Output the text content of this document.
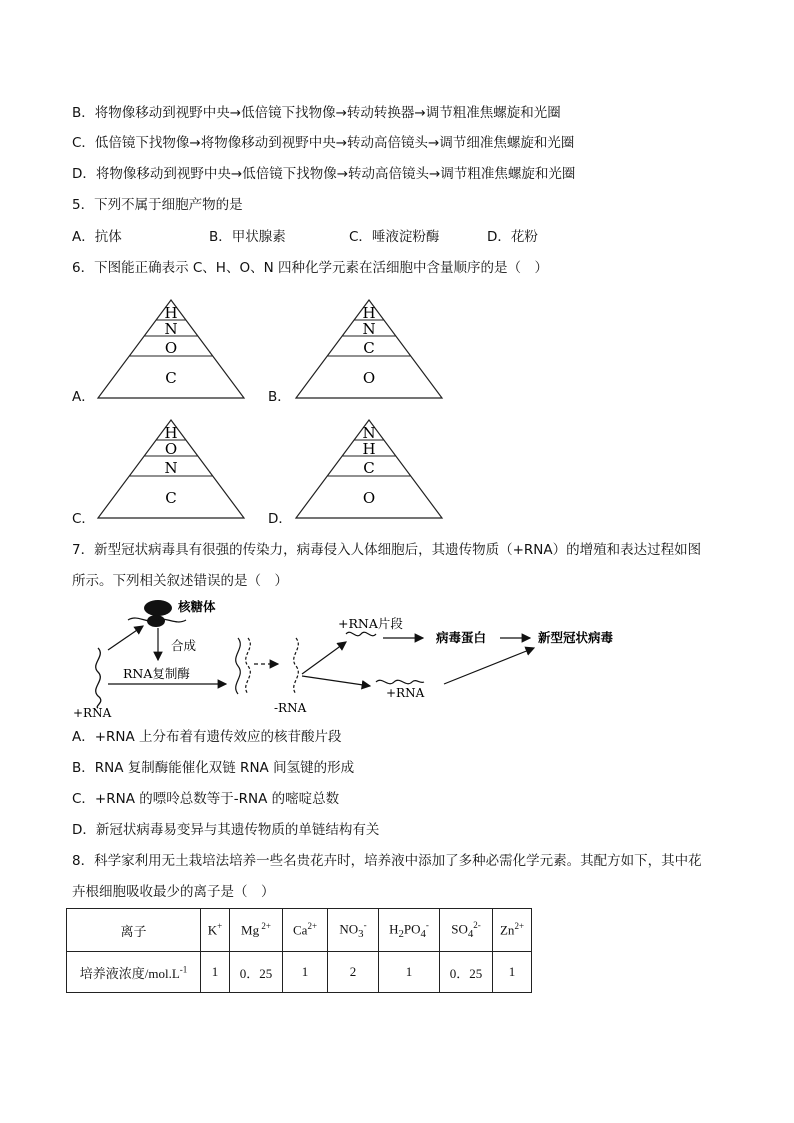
B．将物像移动到视野中央→低倍镜下找物像→转动转换器→调节粗准焦螺旋和光圈
C．低倍镜下找物像→将物像移动到视野中央→转动高倍镜头→调节细准焦螺旋和光圈
D．将物像移动到视野中央→低倍镜下找物像→转动高倍镜头→调节粗准焦螺旋和光圈
5．下列不属于细胞产物的是
A．抗体	B．甲状腺素	C．唾液淀粉酶	D．花粉
6．下图能正确表示 C、H、O、N 四种化学元素在活细胞中含量顺序的是（　）
A．
H
N
O
C
B．
H
N
C
O
C．
H
O
N
C
D．
N
H
C
O
7．新型冠状病毒具有很强的传染力，病毒侵入人体细胞后，其遗传物质（+RNA）的增殖和表达过程如图
所示。下列相关叙述错误的是（　）
+RNA
核糖体
合成
RNA复制酶
-RNA
+RNA片段
病毒蛋白	新型冠状病毒
+RNA
A．+RNA 上分布着有遗传效应的核苷酸片段
B．RNA 复制酶能催化双链 RNA 间氢键的形成
C．+RNA 的嘌呤总数等于-RNA 的嘧啶总数
D．新冠状病毒易变异与其遗传物质的单链结构有关
8．科学家利用无土栽培法培养一些名贵花卉时，培养液中添加了多种必需化学元素。其配方如下，其中花
卉根细胞吸收最少的离子是（　）
离子	K+	Mg $^{2+}$	$Ca^{2+}$	$NO_3^-$	$H_2PO_4^-$	$SO_4^{2-}$	$Zn^{2+}$
培养液浓度$/mol.L^{-1}$	1	0．25	1	2	1	0．25	1
